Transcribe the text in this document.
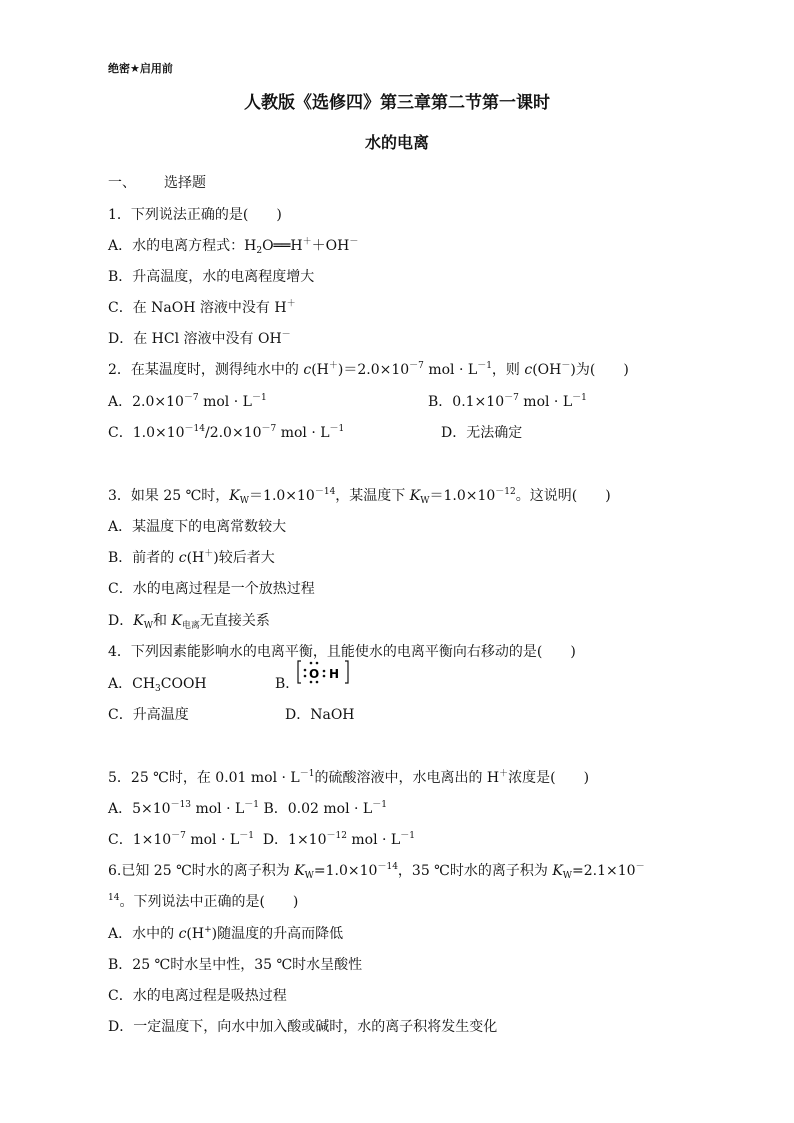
绝密★启用前
人教版《选修四》第三章第二节第一课时
水的电离
一、 选择题
1．下列说法正确的是(　　)
A．水的电离方程式：$H_2O══H^++OH^-$
B．升高温度，水的电离程度增大
C．在 NaOH 溶液中没有 H＋
D．在 HCl 溶液中没有 OH－
2．在某温度时，测得纯水中的 $c(H^+)=2.0\times 10^{-7}$ mol · $L^{-1}$，则 c(OH－)为(　　)
A．$2.0\times 10^{-7}$ mol · $L^{-1}$	B．$0.1\times 10^{-7}$ mol · $L^{-1}$
C．$1.0\times 10^{-14}/2.0\times 10^{-7}$ mol · $L^{-1}$	D．无法确定
3．如果 25 ℃时，$K_W=1.0\times 10^{-14}$，某温度下 $K_W=1.0\times 10^{-12}$。这说明(　　)
A．某温度下的电离常数较大
B．前者的 c(H＋)较后者大
C．水的电离过程是一个放热过程
D．$K_W$和 $K_{电离}$无直接关系
4．下列因素能影响水的电离平衡，且能使水的电离平衡向右移动的是(　　)
A．$CH_3COOH$	B．
O H
C．升高温度	D．NaOH
5．25 ℃时，在 0.01 mol · $L^{-1}$的硫酸溶液中，水电离出的 H＋浓度是(　　)
A．$5\times 10^{-13}$ mol · $L^{-1}$ B．0.02 mol · $L^{-1}$
C．$1\times 10^{-7}$ mol · $L^{-1}$  D．$1\times 10^{-12}$ mol · $L^{-1}$
6.已知 25 ℃时水的离子积为 $K_W=1.0\times 10^{-14}$，35 ℃时水的离子积为 $K_W=2.1\times 10^-$
$^{14}$。下列说法中正确的是(　　)
A．水中的 c(H+)随温度的升高而降低
B．25 ℃时水呈中性，35 ℃时水呈酸性
C．水的电离过程是吸热过程
D．一定温度下，向水中加入酸或碱时，水的离子积将发生变化
